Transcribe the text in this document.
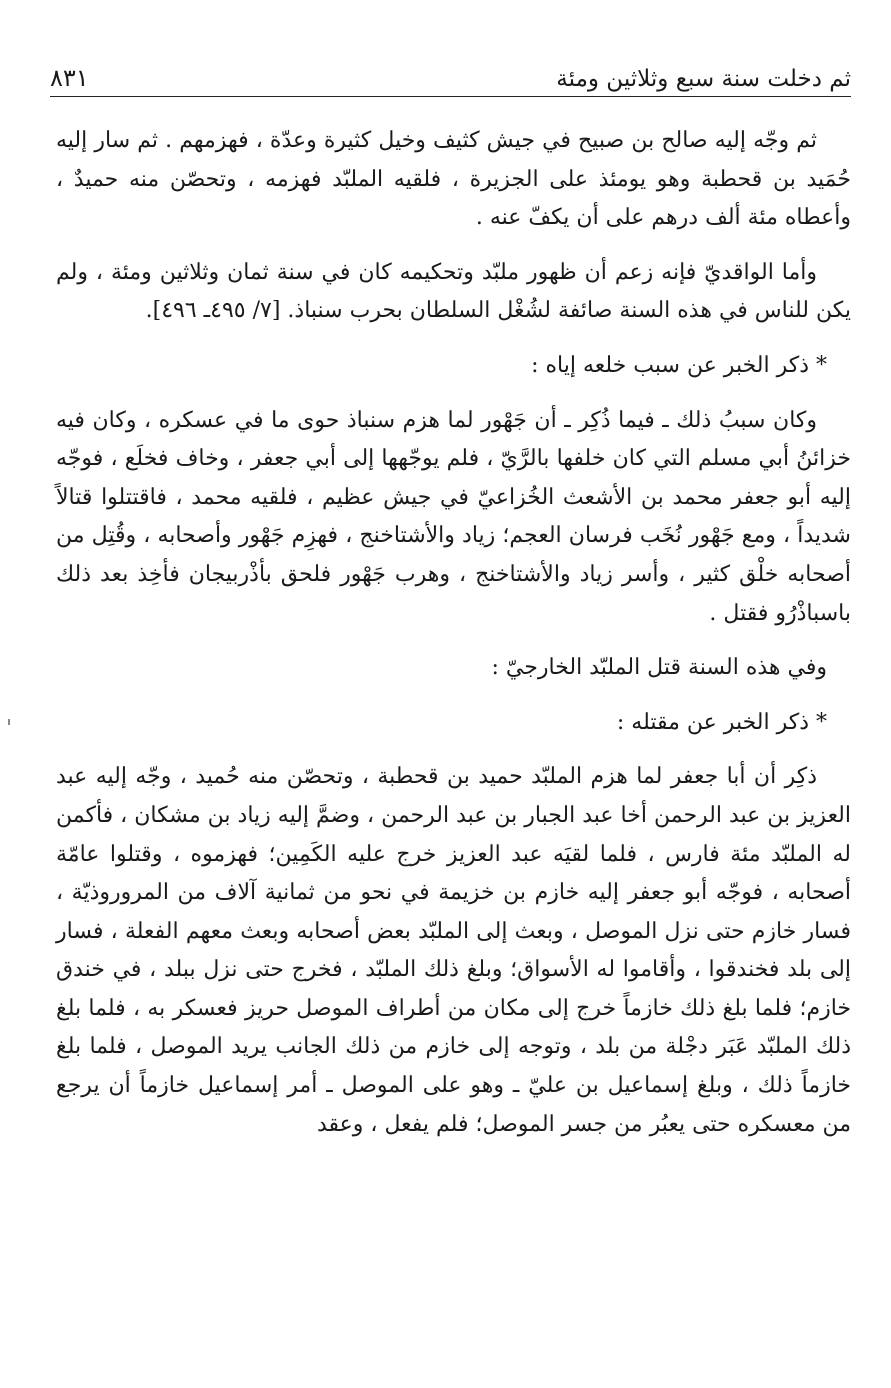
ثم دخلت سنة سبع وثلاثين ومئة
٨٣١

ثم وجّه إليه صالح بن صبيح في جيش كثيف وخيل كثيرة وعدّة ، فهزمهم . ثم سار إليه حُمَيد بن قحطبة وهو يومئذ على الجزيرة ، فلقيه الملبّد فهزمه ، وتحصّن منه حميدٌ ، وأعطاه مئة ألف درهم على أن يكفّ عنه .

وأما الواقديّ فإنه زعم أن ظهور ملبّد وتحكيمه كان في سنة ثمان وثلاثين ومئة ، ولم يكن للناس في هذه السنة صائفة لشُغْل السلطان بحرب سنباذ. [٧/ ٤٩٥ـ ٤٩٦].

* ذكر الخبر عن سبب خلعه إياه :

وكان سببُ ذلك ـ فيما ذُكِر ـ أن جَهْور لما هزم سنباذ حوى ما في عسكره ، وكان فيه خزائنُ أبي مسلم التي كان خلفها بالرَّيّ ، فلم يوجّهها إلى أبي جعفر ، وخاف فخلَع ، فوجّه إليه أبو جعفر محمد بن الأشعث الخُزاعيّ في جيش عظيم ، فلقيه محمد ، فاقتتلوا قتالاً شديداً ، ومع جَهْور نُخَب فرسان العجم؛ زياد والأشتاخنج ، فهزِم جَهْور وأصحابه ، وقُتِل من أصحابه خلْق كثير ، وأسر زياد والأشتاخنج ، وهرب جَهْور فلحق بأذْربيجان فأخِذ بعد ذلك باسباذْرُو فقتل .

وفي هذه السنة قتل الملبّد الخارجيّ :

* ذكر الخبر عن مقتله :

ذكِر أن أبا جعفر لما هزم الملبّد حميد بن قحطبة ، وتحصّن منه حُميد ، وجّه إليه عبد العزيز بن عبد الرحمن أخا عبد الجبار بن عبد الرحمن ، وضمَّ إليه زياد بن مشكان ، فأكمن له الملبّد مئة فارس ، فلما لقيَه عبد العزيز خرج عليه الكَمِين؛ فهزموه ، وقتلوا عامّة أصحابه ، فوجّه أبو جعفر إليه خازم بن خزيمة في نحو من ثمانية آلاف من المروروذيّة ، فسار خازم حتى نزل الموصل ، وبعث إلى الملبّد بعض أصحابه وبعث معهم الفعلة ، فسار إلى بلد فخندقوا ، وأقاموا له الأسواق؛ وبلغ ذلك الملبّد ، فخرج حتى نزل ببلد ، في خندق خازم؛ فلما بلغ ذلك خازماً خرج إلى مكان من أطراف الموصل حريز فعسكر به ، فلما بلغ ذلك الملبّد عَبَر دجْلة من بلد ، وتوجه إلى خازم من ذلك الجانب يريد الموصل ، فلما بلغ خازماً ذلك ، وبلغ إسماعيل بن عليّ ـ وهو على الموصل ـ أمر إسماعيل خازماً أن يرجع من معسكره حتى يعبُر من جسر الموصل؛ فلم يفعل ، وعقد
